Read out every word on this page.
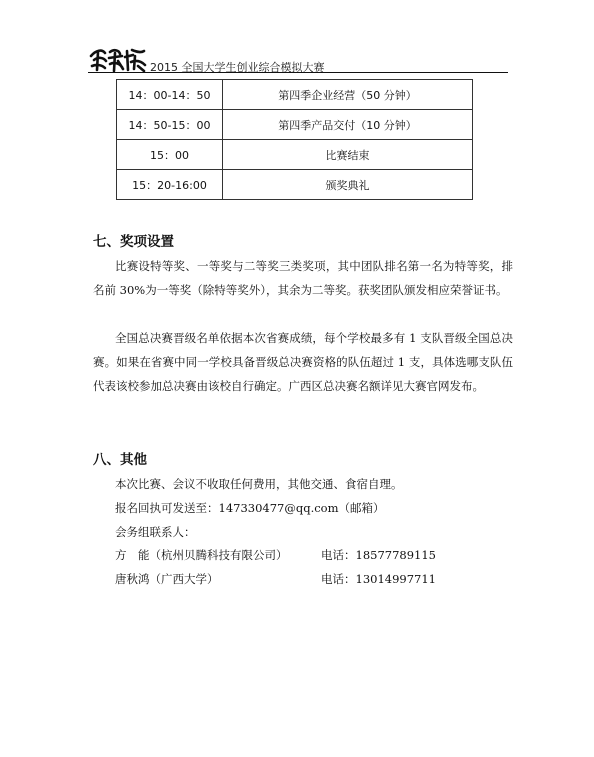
2015 全国大学生创业综合模拟大赛
14：00-14：50	第四季企业经营（50 分钟）
14：50-15：00	第四季产品交付（10 分钟）
15：00	比赛结束
15：20-16:00	颁奖典礼
七、奖项设置
比赛设特等奖、一等奖与二等奖三类奖项，其中团队排名第一名为特等奖，排名前 30%为一等奖（除特等奖外），其余为二等奖。获奖团队颁发相应荣誉证书。
全国总决赛晋级名单依据本次省赛成绩，每个学校最多有 1 支队晋级全国总决赛。如果在省赛中同一学校具备晋级总决赛资格的队伍超过 1 支，具体选哪支队伍代表该校参加总决赛由该校自行确定。广西区总决赛名额详见大赛官网发布。
八、其他
本次比赛、会议不收取任何费用，其他交通、食宿自理。
报名回执可发送至：147330477@qq.com（邮箱）
会务组联系人：
方　能（杭州贝腾科技有限公司）	电话：18577789115
唐秋鸿（广西大学）	电话：13014997711
